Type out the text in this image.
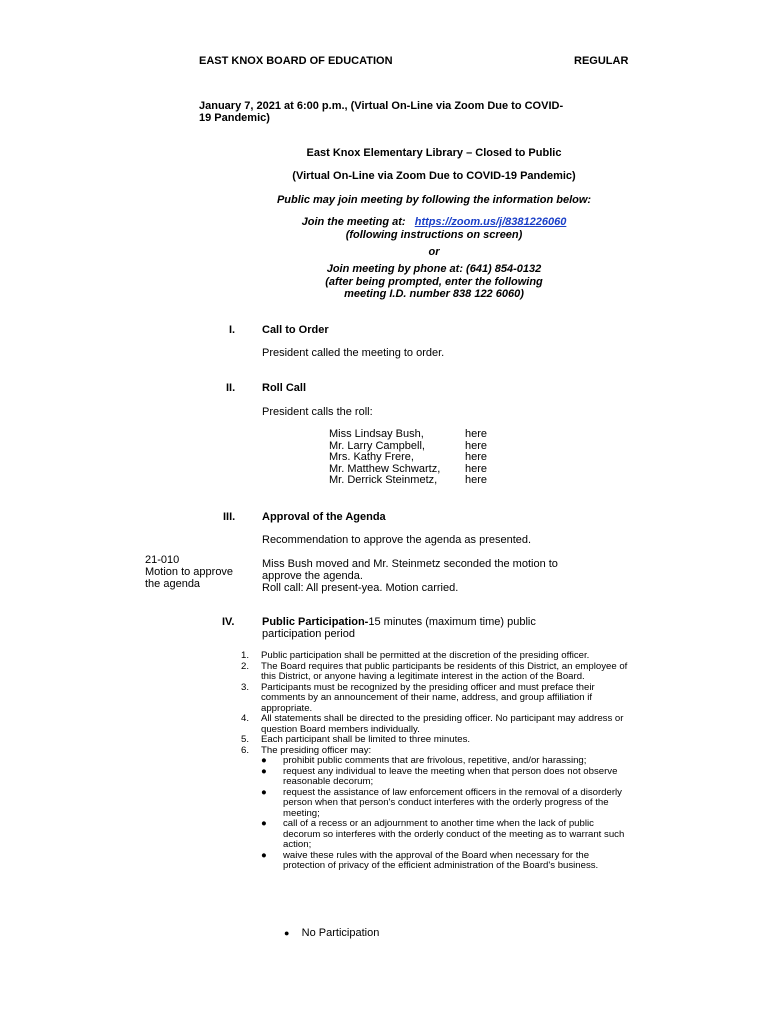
EAST KNOX BOARD OF EDUCATION	REGULAR
January 7, 2021 at 6:00 p.m., (Virtual On-Line via Zoom Due to COVID-
19 Pandemic)
East Knox Elementary Library – Closed to Public
(Virtual On-Line via Zoom Due to COVID-19 Pandemic)
Public may join meeting by following the information below:
Join the meeting at: https://zoom.us/j/8381226060
(following instructions on screen)
or
Join meeting by phone at: (641) 854-0132
(after being prompted, enter the following
meeting I.D. number 838 122 6060)
I. Call to Order
President called the meeting to order.
II. Roll Call
President calls the roll:
Miss Lindsay Bush,	here
Mr. Larry Campbell,	here
Mrs. Kathy Frere,	here
Mr. Matthew Schwartz,	here
Mr. Derrick Steinmetz,	here
III. Approval of the Agenda
Recommendation to approve the agenda as presented.
21-010
Motion to approve
the agenda
Miss Bush moved and Mr. Steinmetz seconded the motion to
approve the agenda.
Roll call: All present-yea. Motion carried.
IV.	Public Participation-15 minutes (maximum time) public
participation period
1. Public participation shall be permitted at the discretion of the presiding officer.
2. The Board requires that public participants be residents of this District, an employee of this District, or anyone having a legitimate interest in the action of the Board.
3. Participants must be recognized by the presiding officer and must preface their comments by an announcement of their name, address, and group affiliation if appropriate.
4. All statements shall be directed to the presiding officer. No participant may address or question Board members individually.
5. Each participant shall be limited to three minutes.
6. The presiding officer may:
● prohibit public comments that are frivolous, repetitive, and/or harassing;
● request any individual to leave the meeting when that person does not observe reasonable decorum;
● request the assistance of law enforcement officers in the removal of a disorderly person when that person's conduct interferes with the orderly progress of the meeting;
● call of a recess or an adjournment to another time when the lack of public decorum so interferes with the orderly conduct of the meeting as to warrant such action;
● waive these rules with the approval of the Board when necessary for the protection of privacy of the efficient administration of the Board's business.
● No Participation
